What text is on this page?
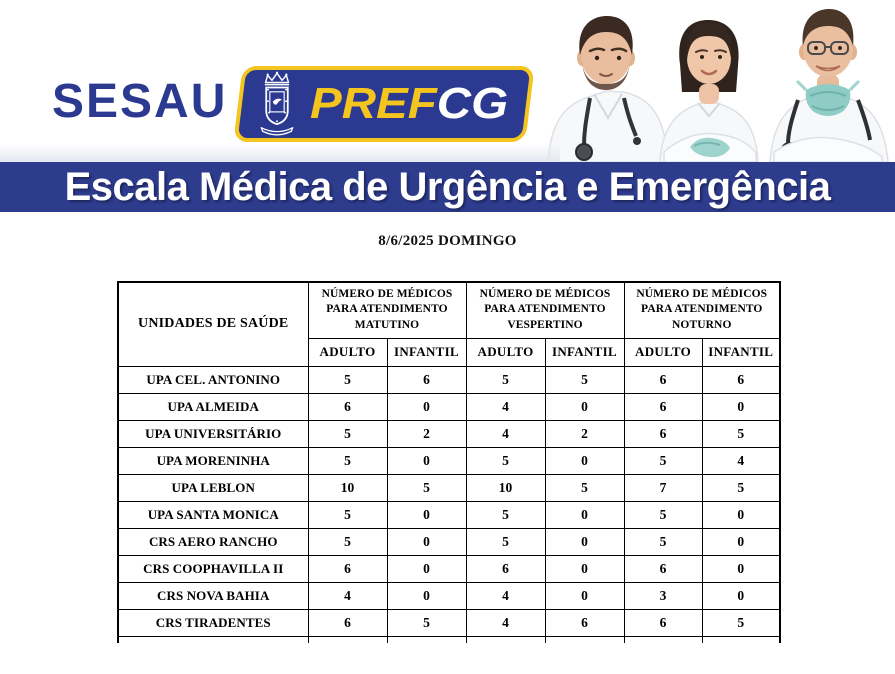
SESAU PREFCG
Escala Médica de Urgência e Emergência
8/6/2025 DOMINGO
UNIDADES DE SAÚDE	NÚMERO DE MÉDICOS PARA ATENDIMENTO MATUTINO		NÚMERO DE MÉDICOS PARA ATENDIMENTO VESPERTINO		NÚMERO DE MÉDICOS PARA ATENDIMENTO NOTURNO	
	ADULTO	INFANTIL	ADULTO	INFANTIL	ADULTO	INFANTIL
UPA CEL. ANTONINO	5	6	5	5	6	6
UPA ALMEIDA	6	0	4	0	6	0
UPA UNIVERSITÁRIO	5	2	4	2	6	5
UPA MORENINHA	5	0	5	0	5	4
UPA LEBLON	10	5	10	5	7	5
UPA SANTA MONICA	5	0	5	0	5	0
CRS AERO RANCHO	5	0	5	0	5	0
CRS COOPHAVILLA II	6	0	6	0	6	0
CRS NOVA BAHIA	4	0	4	0	3	0
CRS TIRADENTES	6	5	4	6	6	5
